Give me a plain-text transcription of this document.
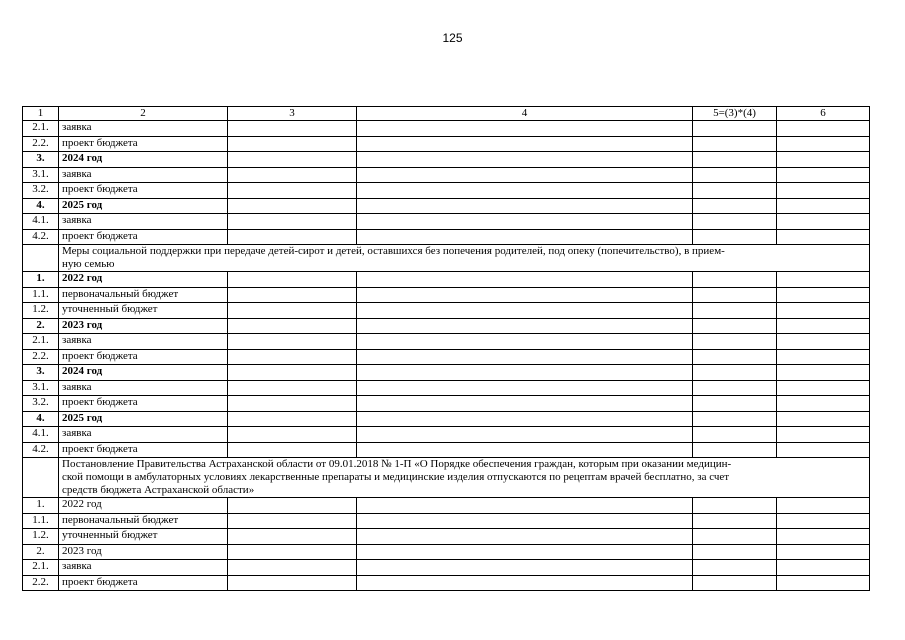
125
1	2	3	4	5=(3)*(4)	6
2.1.	заявка				
2.2.	проект бюджета				
3.	2024 год				
3.1.	заявка				
3.2.	проект бюджета				
4.	2025 год				
4.1.	заявка				
4.2.	проект бюджета				

	Меры социальной поддержки при передаче детей-сирот и детей, оставшихся без попечения родителей, под опеку (попечительство), в прием-
ную семью				

1.	2022 год				
1.1.	первоначальный бюджет				
1.2.	уточненный бюджет				
2.	2023 год				
2.1.	заявка				
2.2.	проект бюджета				
3.	2024 год				
3.1.	заявка				
3.2.	проект бюджета				
4.	2025 год				
4.1.	заявка				
4.2.	проект бюджета				

	Постановление Правительства Астраханской области от 09.01.2018 № 1-П «О Порядке обеспечения граждан, которым при оказании медицин-
ской помощи в амбулаторных условиях лекарственные препараты и медицинские изделия отпускаются по рецептам врачей бесплатно, за счет
средств бюджета Астраханской области»				

1.	2022 год				
1.1.	первоначальный бюджет				
1.2.	уточненный бюджет				
2.	2023 год				
2.1.	заявка				
2.2.	проект бюджета				
